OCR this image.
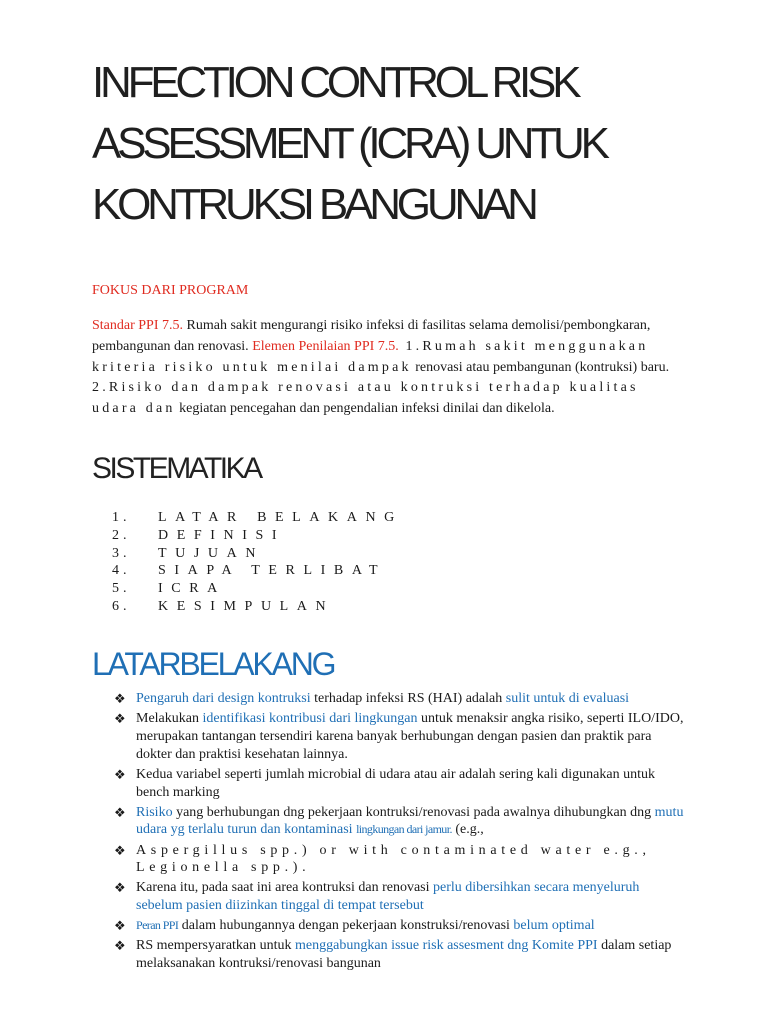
INFECTION CONTROL RISK
ASSESSMENT (ICRA) UNTUK
KONTRUKSI BANGUNAN

FOKUS DARI PROGRAM

Standar PPI 7.5. Rumah sakit mengurangi risiko infeksi di fasilitas selama demolisi/pembongkaran, pembangunan dan renovasi. Elemen Penilaian PPI 7.5. 1.Rumah sakit menggunakan kriteria risiko untuk menilai dampak renovasi atau pembangunan (kontruksi) baru. 2.Risiko dan dampak renovasi atau kontruksi terhadap kualitas udara dan kegiatan pencegahan dan pengendalian infeksi dinilai dan dikelola.

SISTEMATIKA
1. LATAR BELAKANG
2. DEFINISI
3. TUJUAN
4. SIAPA TERLIBAT
5. ICRA
6. KESIMPULAN
LATARBELAKANG
❖ Pengaruh dari design kontruksi terhadap infeksi RS (HAI) adalah sulit untuk di evaluasi
❖ Melakukan identifikasi kontribusi dari lingkungan untuk menaksir angka risiko, seperti ILO/IDO, merupakan tantangan tersendiri karena banyak berhubungan dengan pasien dan praktik para dokter dan praktisi kesehatan lainnya.
❖ Kedua variabel seperti jumlah microbial di udara atau air adalah sering kali digunakan untuk bench marking
❖ Risiko yang berhubungan dng pekerjaan kontruksi/renovasi pada awalnya dihubungkan dng mutu udara yg terlalu turun dan kontaminasi lingkungan dari jamur. (e.g.,
❖ Aspergillus spp.) or with contaminated water e.g., Legionella spp.).
❖ Karena itu, pada saat ini area kontruksi dan renovasi perlu dibersihkan secara menyeluruh sebelum pasien diizinkan tinggal di tempat tersebut
❖ Peran PPI dalam hubungannya dengan pekerjaan konstruksi/renovasi belum optimal
❖ RS mempersyaratkan untuk menggabungkan issue risk assesment dng Komite PPI dalam setiap melaksanakan kontruksi/renovasi bangunan
